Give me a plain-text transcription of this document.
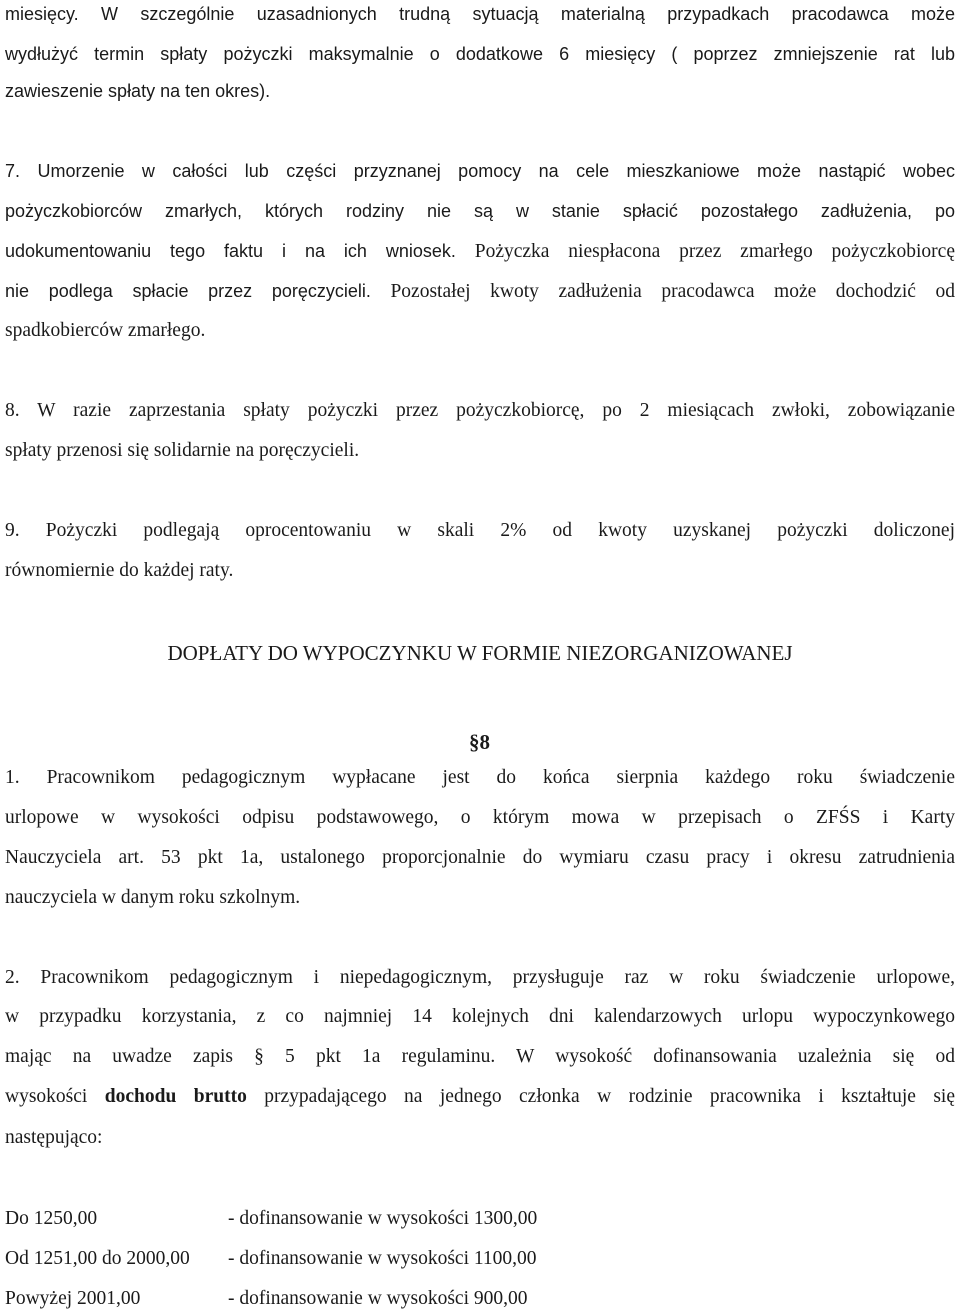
miesięcy. W szczególnie uzasadnionych trudną sytuacją materialną przypadkach pracodawca może
wydłużyć termin spłaty pożyczki maksymalnie o dodatkowe 6 miesięcy ( poprzez zmniejszenie rat lub
zawieszenie spłaty na ten okres).
7. Umorzenie w całości lub części przyznanej pomocy na cele mieszkaniowe może nastąpić wobec
pożyczkobiorców zmarłych, których rodziny nie są w stanie spłacić pozostałego zadłużenia, po
udokumentowaniu tego faktu i na ich wniosek. Pożyczka niespłacona przez zmarłego pożyczkobiorcę
nie podlega spłacie przez poręczycieli. Pozostałej kwoty zadłużenia pracodawca może dochodzić od
spadkobierców zmarłego.
8. W razie zaprzestania spłaty pożyczki przez pożyczkobiorcę, po 2 miesiącach zwłoki, zobowiązanie
spłaty przenosi się solidarnie na poręczycieli.
9. Pożyczki podlegają oprocentowaniu w skali 2% od kwoty uzyskanej pożyczki doliczonej
równomiernie do każdej raty.
DOPŁATY DO WYPOCZYNKU W FORMIE NIEZORGANIZOWANEJ
§8
1. Pracownikom pedagogicznym wypłacane jest do końca sierpnia każdego roku świadczenie
urlopowe w wysokości odpisu podstawowego, o którym mowa w przepisach o ZFŚS i Karty
Nauczyciela art. 53 pkt 1a, ustalonego proporcjonalnie do wymiaru czasu pracy i okresu zatrudnienia
nauczyciela w danym roku szkolnym.
2. Pracownikom pedagogicznym i niepedagogicznym, przysługuje raz w roku świadczenie urlopowe,
w przypadku korzystania, z co najmniej 14 kolejnych dni kalendarzowych urlopu wypoczynkowego
mając na uwadze zapis § 5 pkt 1a regulaminu. W wysokość dofinansowania uzależnia się od
wysokości dochodu brutto przypadającego na jednego członka w rodzinie pracownika i kształtuje się
następująco:
Do 1250,00	- dofinansowanie w wysokości 1300,00
Od 1251,00 do 2000,00 - dofinansowanie w wysokości 1100,00
Powyżej 2001,00	- dofinansowanie w wysokości 900,00
